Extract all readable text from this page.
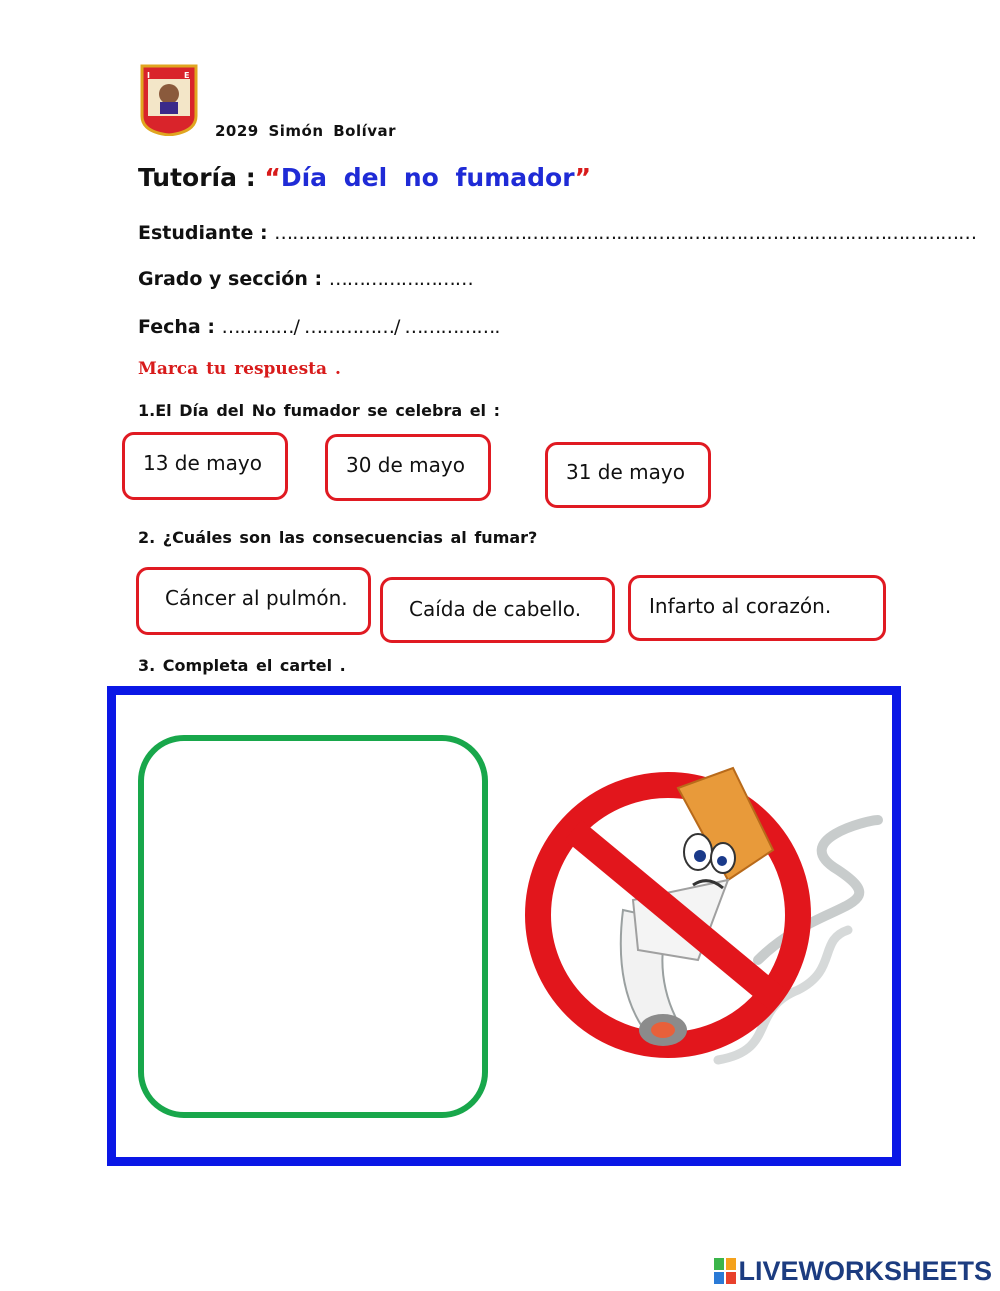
I	E
2029 Simón Bolívar
Tutoría : “Día del no fumador”
Estudiante : ………………………………………………………………………………………………………
Grado y sección : ……………………
Fecha : …………/ ……………/ …………….
Marca tu respuesta .
1.El Día del No fumador se celebra el :
13 de mayo	30 de mayo	31 de mayo
2. ¿Cuáles son las consecuencias al fumar?
Cáncer al pulmón.	Caída de cabello.	Infarto al corazón.
3. Completa el cartel .
LIVEWORKSHEETS
